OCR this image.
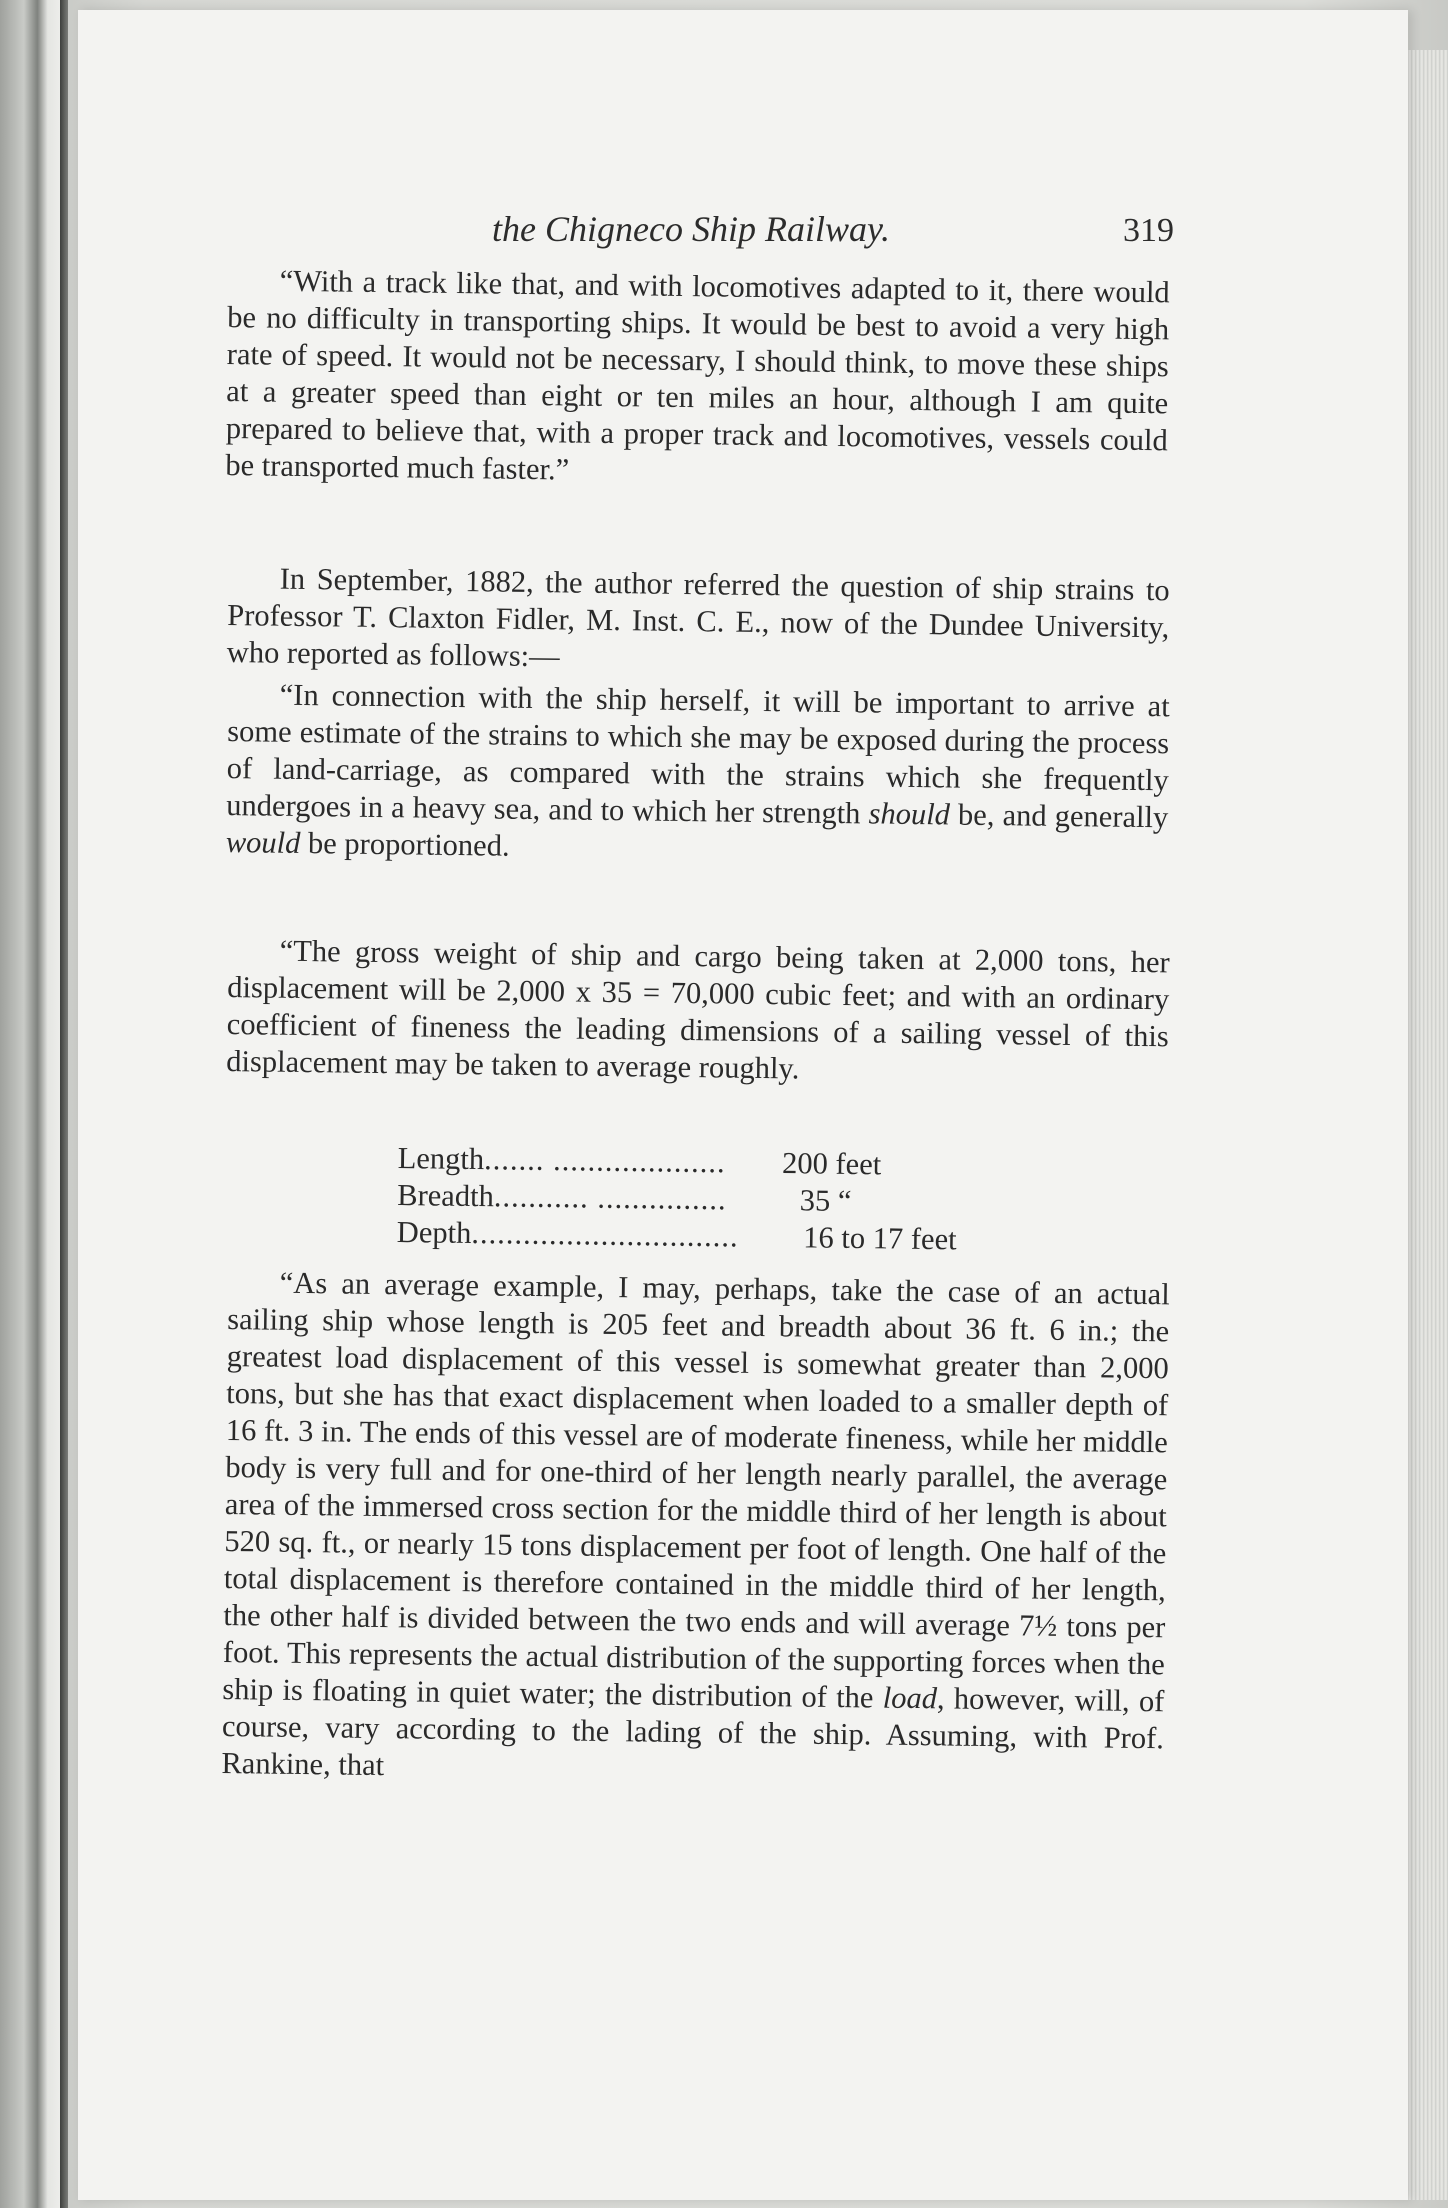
the Chigneco Ship Railway.	319

“With a track like that, and with locomotives adapted to it, there would be no difficulty in transporting ships. It would be best to avoid a very high rate of speed. It would not be necessary, I should think, to move these ships at a greater speed than eight or ten miles an hour, although I am quite prepared to believe that, with a proper track and locomotives, vessels could be transported much faster.”

In September, 1882, the author referred the question of ship strains to Professor T. Claxton Fidler, M. Inst. C. E., now of the Dundee University, who reported as follows:—

“In connection with the ship herself, it will be important to arrive at some estimate of the strains to which she may be exposed during the process of land-carriage, as compared with the strains which she frequently undergoes in a heavy sea, and to which her strength should be, and generally would be proportioned.

“The gross weight of ship and cargo being taken at 2,000 tons, her displacement will be 2,000 x 35 = 70,000 cubic feet; and with an ordinary coefficient of fineness the leading dimensions of a sailing vessel of this displacement may be taken to average roughly.

Length ....... ....................	200 feet
Breadth ........... ...............	35 “
Depth ...............................	16 to 17 feet

“As an average example, I may, perhaps, take the case of an actual sailing ship whose length is 205 feet and breadth about 36 ft. 6 in.; the greatest load displacement of this vessel is somewhat greater than 2,000 tons, but she has that exact displacement when loaded to a smaller depth of 16 ft. 3 in. The ends of this vessel are of moderate fineness, while her middle body is very full and for one-third of her length nearly parallel, the average area of the immersed cross section for the middle third of her length is about 520 sq. ft., or nearly 15 tons displacement per foot of length. One half of the total displacement is therefore contained in the middle third of her length, the other half is divided between the two ends and will average 7½ tons per foot. This represents the actual distribution of the supporting forces when the ship is floating in quiet water; the distribution of the load, however, will, of course, vary according to the lading of the ship. Assuming, with Prof. Rankine, that
